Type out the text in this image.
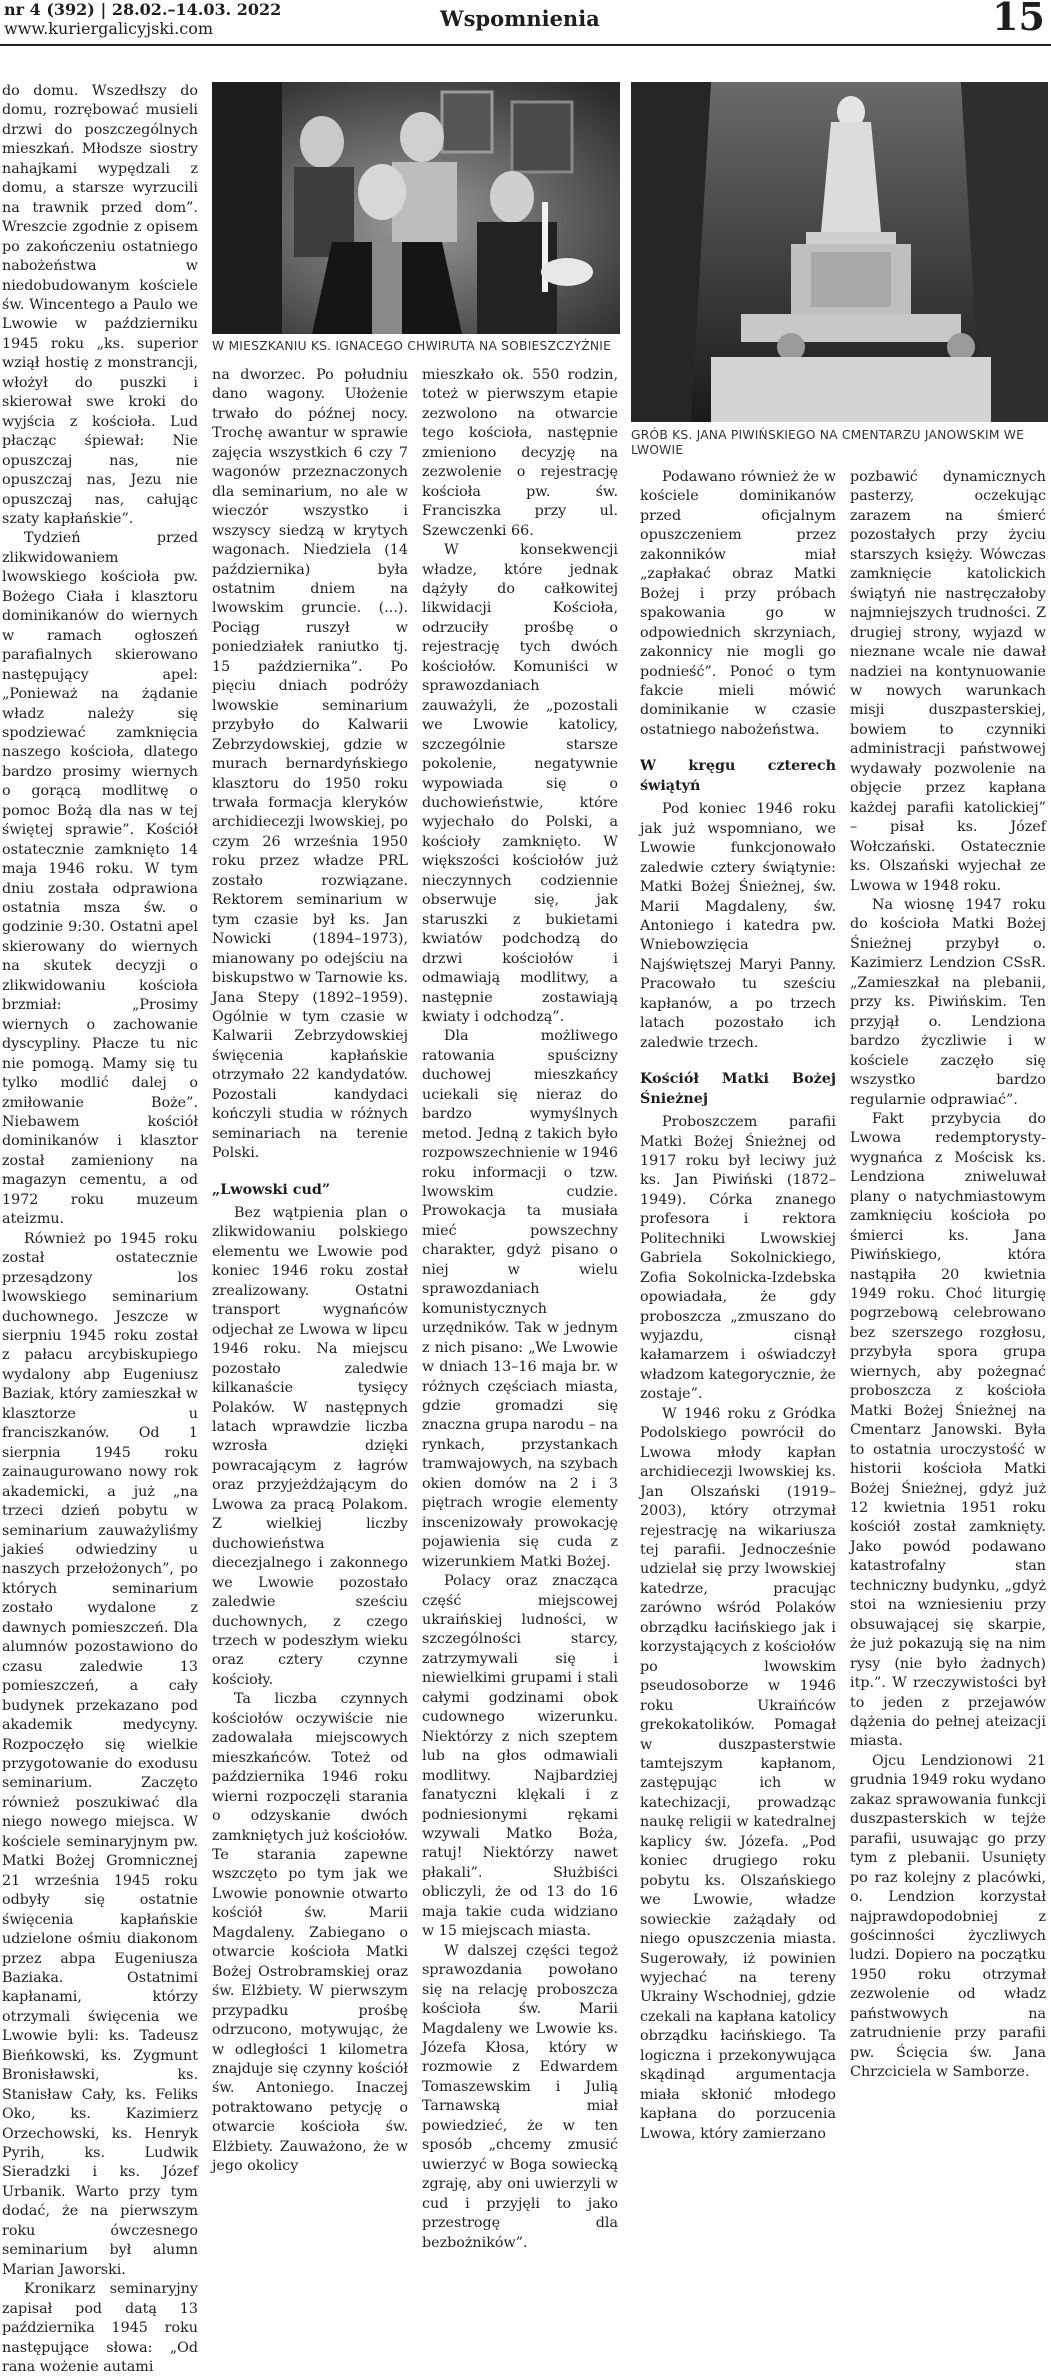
nr 4 (392) | 28.02.–14.03. 2022
www.kuriergalicyjski.com	Wspomnienia	15
W MIESZKANIU KS. IGNACEGO CHWIRUTA NA SOBIESZCZYŹNIE
GRÓB KS. JANA PIWIŃSKIEGO NA CMENTARZU JANOWSKIM WE LWOWIE

do domu. Wszedłszy do domu, rozrębować musieli drzwi do poszczególnych mieszkań. Młodsze siostry nahajkami wypędzali z domu, a starsze wyrzucili na trawnik przed dom”. Wreszcie zgodnie z opisem po zakończeniu ostatniego nabożeństwa w niedobudowanym kościele św. Wincentego a Paulo we Lwowie w październiku 1945 roku „ks. superior wziął hostię z monstrancji, włożył do puszki i skierował swe kroki do wyjścia z kościoła. Lud płacząc śpiewał: Nie opuszczaj nas, nie opuszczaj nas, Jezu nie opuszczaj nas, całując szaty kapłańskie”.

Tydzień przed zlikwidowaniem lwowskiego kościoła pw. Bożego Ciała i klasztoru dominikanów do wiernych w ramach ogłoszeń parafialnych skierowano następujący apel: „Ponieważ na żądanie władz należy się spodziewać zamknięcia naszego kościoła, dlatego bardzo prosimy wiernych o gorącą modlitwę o pomoc Bożą dla nas w tej świętej sprawie”. Kościół ostatecznie zamknięto 14 maja 1946 roku. W tym dniu została odprawiona ostatnia msza św. o godzinie 9:30. Ostatni apel skierowany do wiernych na skutek decyzji o zlikwidowaniu kościoła brzmiał: „Prosimy wiernych o zachowanie dyscypliny. Płacze tu nic nie pomogą. Mamy się tu tylko modlić dalej o zmiłowanie Boże”. Niebawem kościół dominikanów i klasztor został zamieniony na magazyn cementu, a od 1972 roku muzeum ateizmu.

Również po 1945 roku został ostatecznie przesądzony los lwowskiego seminarium duchownego. Jeszcze w sierpniu 1945 roku został z pałacu arcybiskupiego wydalony abp Eugeniusz Baziak, który zamieszkał w klasztorze u franciszkanów. Od 1 sierpnia 1945 roku zainaugurowano nowy rok akademicki, a już „na trzeci dzień pobytu w seminarium zauważyliśmy jakieś odwiedziny u naszych przełożonych”, po których seminarium zostało wydalone z dawnych pomieszczeń. Dla alumnów pozostawiono do czasu zaledwie 13 pomieszczeń, a cały budynek przekazano pod akademik medycyny. Rozpoczęło się wielkie przygotowanie do exodusu seminarium. Zaczęto również poszukiwać dla niego nowego miejsca. W kościele seminaryjnym pw. Matki Bożej Gromnicznej 21 września 1945 roku odbyły się ostatnie święcenia kapłańskie udzielone ośmiu diakonom przez abpa Eugeniusza Baziaka. Ostatnimi kapłanami, którzy otrzymali święcenia we Lwowie byli: ks. Tadeusz Bieńkowski, ks. Zygmunt Bronisławski, ks. Stanisław Cały, ks. Feliks Oko, ks. Kazimierz Orzechowski, ks. Henryk Pyrih, ks. Ludwik Sieradzki i ks. Józef Urbanik. Warto przy tym dodać, że na pierwszym roku ówczesnego seminarium był alumn Marian Jaworski.

Kronikarz seminaryjny zapisał pod datą 13 października 1945 roku następujące słowa: „Od rana wożenie autami

na dworzec. Po południu dano wagony. Ułożenie trwało do późnej nocy. Trochę awantur w sprawie zajęcia wszystkich 6 czy 7 wagonów przeznaczonych dla seminarium, no ale w wieczór wszystko i wszyscy siedzą w krytych wagonach. Niedziela (14 października) była ostatnim dniem na lwowskim gruncie. (...). Pociąg ruszył w poniedziałek raniutko tj. 15 października”. Po pięciu dniach podróży lwowskie seminarium przybyło do Kalwarii Zebrzydowskiej, gdzie w murach bernardyńskiego klasztoru do 1950 roku trwała formacja kleryków archidiecezji lwowskiej, po czym 26 września 1950 roku przez władze PRL zostało rozwiązane. Rektorem seminarium w tym czasie był ks. Jan Nowicki (1894–1973), mianowany po odejściu na biskupstwo w Tarnowie ks. Jana Stepy (1892–1959). Ogólnie w tym czasie w Kalwarii Zebrzydowskiej święcenia kapłańskie otrzymało 22 kandydatów. Pozostali kandydaci kończyli studia w różnych seminariach na terenie Polski.

„Lwowski cud”

Bez wątpienia plan o zlikwidowaniu polskiego elementu we Lwowie pod koniec 1946 roku został zrealizowany. Ostatni transport wygnańców odjechał ze Lwowa w lipcu 1946 roku. Na miejscu pozostało zaledwie kilkanaście tysięcy Polaków. W następnych latach wprawdzie liczba wzrosła dzięki powracającym z łagrów oraz przyjeżdżającym do Lwowa za pracą Polakom. Z wielkiej liczby duchowieństwa diecezjalnego i zakonnego we Lwowie pozostało zaledwie sześciu duchownych, z czego trzech w podeszłym wieku oraz cztery czynne kościoły.

Ta liczba czynnych kościołów oczywiście nie zadowalała miejscowych mieszkańców. Toteż od października 1946 roku wierni rozpoczęli starania o odzyskanie dwóch zamkniętych już kościołów. Te starania zapewne wszczęto po tym jak we Lwowie ponownie otwarto kościół św. Marii Magdaleny. Zabiegano o otwarcie kościoła Matki Bożej Ostrobramskiej oraz św. Elżbiety. W pierwszym przypadku prośbę odrzucono, motywując, że w odległości 1 kilometra znajduje się czynny kościół św. Antoniego. Inaczej potraktowano petycję o otwarcie kościoła św. Elżbiety. Zauważono, że w jego okolicy

mieszkało ok. 550 rodzin, toteż w pierwszym etapie zezwolono na otwarcie tego kościoła, następnie zmieniono decyzję na zezwolenie o rejestrację kościoła pw. św. Franciszka przy ul. Szewczenki 66.

W konsekwencji władze, które jednak dążyły do całkowitej likwidacji Kościoła, odrzuciły prośbę o rejestrację tych dwóch kościołów. Komuniści w sprawozdaniach zauważyli, że „pozostali we Lwowie katolicy, szczególnie starsze pokolenie, negatywnie wypowiada się o duchowieństwie, które wyjechało do Polski, a kościoły zamknięto. W większości kościołów już nieczynnych codziennie obserwuje się, jak staruszki z bukietami kwiatów podchodzą do drzwi kościołów i odmawiają modlitwy, a następnie zostawiają kwiaty i odchodzą”.

Dla możliwego ratowania spuścizny duchowej mieszkańcy uciekali się nieraz do bardzo wymyślnych metod. Jedną z takich było rozpowszechnienie w 1946 roku informacji o tzw. lwowskim cudzie. Prowokacja ta musiała mieć powszechny charakter, gdyż pisano o niej w wielu sprawozdaniach komunistycznych urzędników. Tak w jednym z nich pisano: „We Lwowie w dniach 13–16 maja br. w różnych częściach miasta, gdzie gromadzi się znaczna grupa narodu – na rynkach, przystankach tramwajowych, na szybach okien domów na 2 i 3 piętrach wrogie elementy inscenizowały prowokację pojawienia się cuda z wizerunkiem Matki Bożej.

Polacy oraz znacząca część miejscowej ukraińskiej ludności, w szczególności starcy, zatrzymywali się i niewielkimi grupami i stali całymi godzinami obok cudownego wizerunku. Niektórzy z nich szeptem lub na głos odmawiali modlitwy. Najbardziej fanatyczni klękali i z podniesionymi rękami wzywali Matko Boża, ratuj! Niektórzy nawet płakali”. Służbiści obliczyli, że od 13 do 16 maja takie cuda widziano w 15 miejscach miasta.

W dalszej części tegoż sprawozdania powołano się na relację proboszcza kościoła św. Marii Magdaleny we Lwowie ks. Józefa Kłosa, który w rozmowie z Edwardem Tomaszewskim i Julią Tarnawską miał powiedzieć, że w ten sposób „chcemy zmusić uwierzyć w Boga sowiecką zgraję, aby oni uwierzyli w cud i przyjęli to jako przestrogę dla bezbożników”.

Podawano również że w kościele dominikanów przed oficjalnym opuszczeniem przez zakonników miał „zapłakać obraz Matki Bożej i przy próbach spakowania go w odpowiednich skrzyniach, zakonnicy nie mogli go podnieść”. Ponoć o tym fakcie mieli mówić dominikanie w czasie ostatniego nabożeństwa.

W kręgu czterech świątyń

Pod koniec 1946 roku jak już wspomniano, we Lwowie funkcjonowało zaledwie cztery świątynie: Matki Bożej Śnieżnej, św. Marii Magdaleny, św. Antoniego i katedra pw. Wniebowzięcia Najświętszej Maryi Panny. Pracowało tu sześciu kapłanów, a po trzech latach pozostało ich zaledwie trzech.

Kościół Matki Bożej Śnieżnej

Proboszczem parafii Matki Bożej Śnieżnej od 1917 roku był leciwy już ks. Jan Piwiński (1872–1949). Córka znanego profesora i rektora Politechniki Lwowskiej Gabriela Sokolnickiego, Zofia Sokolnicka-Izdebska opowiadała, że gdy proboszcza „zmuszano do wyjazdu, cisnął kałamarzem i oświadczył władzom kategorycznie, że zostaje”.

W 1946 roku z Gródka Podolskiego powrócił do Lwowa młody kapłan archidiecezji lwowskiej ks. Jan Olszański (1919–2003), który otrzymał rejestrację na wikariusza tej parafii. Jednocześnie udzielał się przy lwowskiej katedrze, pracując zarówno wśród Polaków obrządku łacińskiego jak i korzystających z kościołów po lwowskim pseudosoborze w 1946 roku Ukraińców grekokatolików. Pomagał w duszpasterstwie tamtejszym kapłanom, zastępując ich w katechizacji, prowadząc naukę religii w katedralnej kaplicy św. Józefa. „Pod koniec drugiego roku pobytu ks. Olszańskiego we Lwowie, władze sowieckie zażądały od niego opuszczenia miasta. Sugerowały, iż powinien wyjechać na tereny Ukrainy Wschodniej, gdzie czekali na kapłana katolicy obrządku łacińskiego. Ta logiczna i przekonywująca skądinąd argumentacja miała skłonić młodego kapłana do porzucenia Lwowa, który zamierzano

pozbawić dynamicznych pasterzy, oczekując zarazem na śmierć pozostałych przy życiu starszych księży. Wówczas zamknięcie katolickich świątyń nie nastręczałoby najmniejszych trudności. Z drugiej strony, wyjazd w nieznane wcale nie dawał nadziei na kontynuowanie w nowych warunkach misji duszpasterskiej, bowiem to czynniki administracji państwowej wydawały pozwolenie na objęcie przez kapłana każdej parafii katolickiej” – pisał ks. Józef Wołczański. Ostatecznie ks. Olszański wyjechał ze Lwowa w 1948 roku.

Na wiosnę 1947 roku do kościoła Matki Bożej Śnieżnej przybył o. Kazimierz Lendzion CSsR. „Zamieszkał na plebanii, przy ks. Piwińskim. Ten przyjął o. Lendziona bardzo życzliwie i w kościele zaczęło się wszystko bardzo regularnie odprawiać”.

Fakt przybycia do Lwowa redemptorysty-wygnańca z Mościsk ks. Lendziona zniweluwał plany o natychmiastowym zamknięciu kościoła po śmierci ks. Jana Piwińskiego, która nastąpiła 20 kwietnia 1949 roku. Choć liturgię pogrzebową celebrowano bez szerszego rozgłosu, przybyła spora grupa wiernych, aby pożegnać proboszcza z kościoła Matki Bożej Śnieżnej na Cmentarz Janowski. Była to ostatnia uroczystość w historii kościoła Matki Bożej Śnieżnej, gdyż już 12 kwietnia 1951 roku kościół został zamknięty. Jako powód podawano katastrofalny stan techniczny budynku, „gdyż stoi na wzniesieniu przy obsuwającej się skarpie, że już pokazują się na nim rysy (nie było żadnych) itp.”. W rzeczywistości był to jeden z przejawów dążenia do pełnej ateizacji miasta.

Ojcu Lendzionowi 21 grudnia 1949 roku wydano zakaz sprawowania funkcji duszpasterskich w tejże parafii, usuwając go przy tym z plebanii. Usunięty po raz kolejny z placówki, o. Lendzion korzystał najprawdopodobniej z gościnności życzliwych ludzi. Dopiero na początku 1950 roku otrzymał zezwolenie od władz państwowych na zatrudnienie przy parafii pw. Ścięcia św. Jana Chrzciciela w Samborze.
